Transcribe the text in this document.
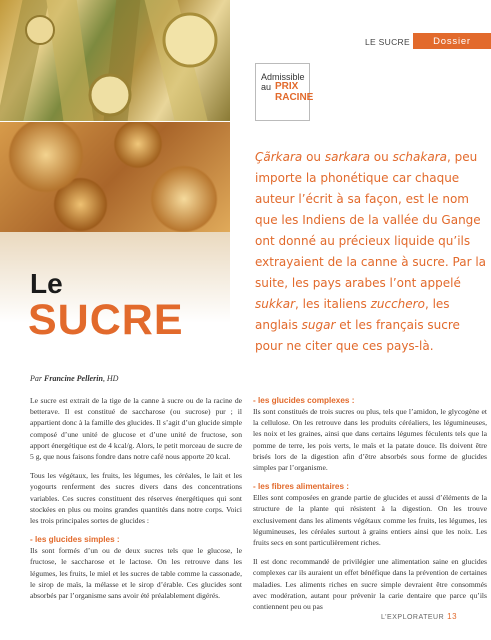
LE SUCRE	Dossier
Admissible
au PRIX
RACINE
Le
SUCRE
Çãrkara ou sarkara ou schakara, peu importe la phonétique car chaque auteur l’écrit à sa façon, est le nom que les Indiens de la vallée du Gange ont donné au précieux liquide qu’ils extrayaient de la canne à sucre. Par la suite, les pays arabes l’ont appelé sukkar, les italiens zucchero, les anglais sugar et les français sucre pour ne citer que ces pays-là.
Par Francine Pellerin, HD

Le sucre est extrait de la tige de la canne à sucre ou de la racine de betterave. Il est constitué de saccharose (ou sucrose) pur ; il appartient donc à la famille des glucides. Il s’agit d’un glucide simple composé d’une unité de glucose et d’une unité de fructose, son apport énergétique est de 4 kcal/g. Alors, le petit morceau de sucre de 5 g, que nous faisons fondre dans notre café nous apporte 20 kcal.

Tous les végétaux, les fruits, les légumes, les céréales, le lait et les yogourts renferment des sucres divers dans des concentrations variables. Ces sucres constituent des réserves énergétiques qui sont stockées en plus ou moins grandes quantités dans notre corps. Voici les trois principales sortes de glucides :

- les glucides simples :

Ils sont formés d’un ou de deux sucres tels que le glucose, le fructose, le saccharose et le lactose. On les retrouve dans les légumes, les fruits, le miel et les sucres de table comme la cassonade, le sirop de maïs, la mélasse et le sirop d’érable. Ces glucides sont absorbés par l’organisme sans avoir été préalablement digérés.

- les glucides complexes :

Ils sont constitués de trois sucres ou plus, tels que l’amidon, le glycogène et la cellulose. On les retrouve dans les produits céréaliers, les légumineuses, les noix et les graines, ainsi que dans certains légumes féculents tels que la pomme de terre, les pois verts, le maïs et la patate douce. Ils doivent être brisés lors de la digestion afin d’être absorbés sous forme de glucides simples par l’organisme.

- les fibres alimentaires :

Elles sont composées en grande partie de glucides et aussi d’éléments de la structure de la plante qui résistent à la digestion. On les trouve exclusivement dans les aliments végétaux comme les fruits, les légumes, les légumineuses, les céréales surtout à grains entiers ainsi que les noix. Les fruits secs en sont particulièrement riches.

Il est donc recommandé de privilégier une alimentation saine en glucides complexes car ils auraient un effet bénéfique dans la prévention de certaines maladies. Les aliments riches en sucre simple devraient être consommés avec modération, autant pour prévenir la carie dentaire que parce qu’ils contiennent peu ou pas

L’EXPLORATEUR 13
